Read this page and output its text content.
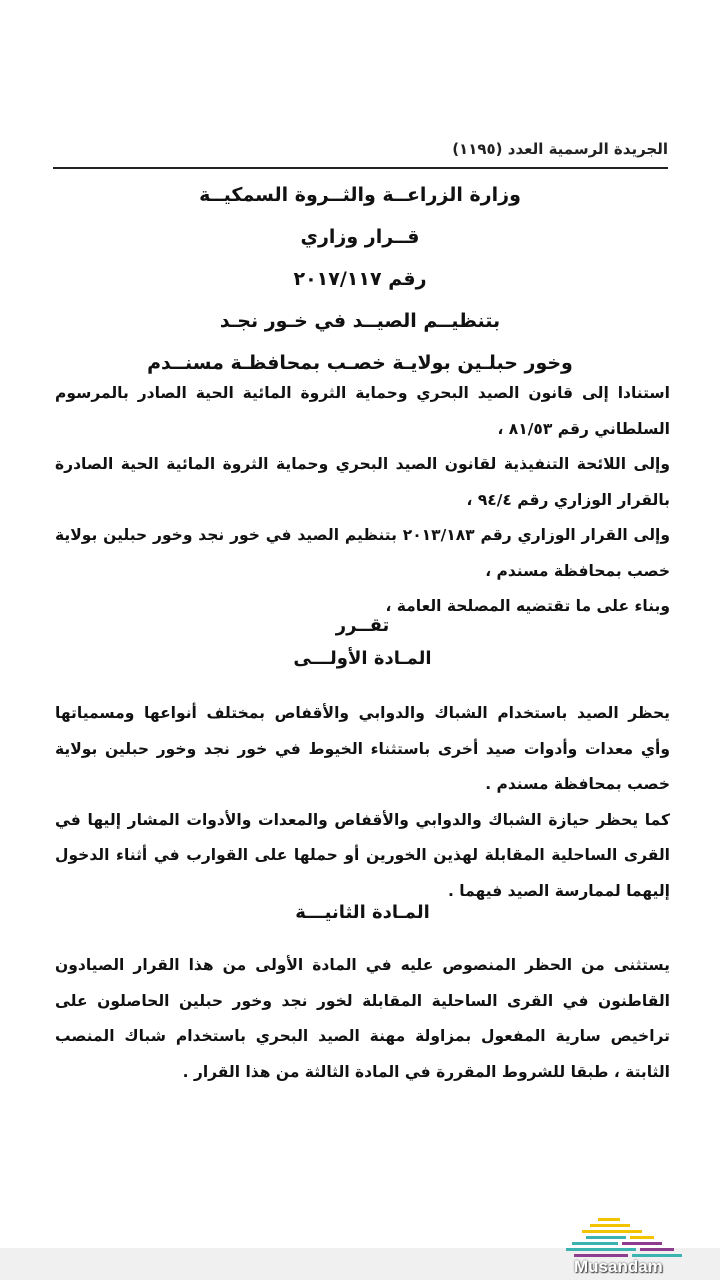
الجريدة الرسمية العدد (١١٩٥)
وزارة الزراعــة والثــروة السمكيــة
قــرار وزاري
رقم ٢٠١٧/١١٧
بتنظيــم الصيــد في خـور نجـد
وخور حبلـين بولايـة خصـب بمحافظـة مسنــدم

استنادا إلى قانون الصيد البحري وحماية الثروة المائية الحية الصادر بالمرسوم السلطاني رقم ٨١/٥٣ ،

وإلى اللائحة التنفيذية لقانون الصيد البحري وحماية الثروة المائية الحية الصادرة بالقرار الوزاري رقم ٩٤/٤ ،

وإلى القرار الوزاري رقم ٢٠١٣/١٨٣ بتنظيم الصيد في خور نجد وخور حبلين بولاية خصب بمحافظة مسندم ،

وبناء على ما تقتضيه المصلحة العامة ،

تقــرر
المـادة الأولـــى

يحظر الصيد باستخدام الشباك والدوابي والأقفاص بمختلف أنواعها ومسمياتها وأي معدات وأدوات صيد أخرى باستثناء الخيوط في خور نجد وخور حبلين بولاية خصب بمحافظة مسندم .

كما يحظر حيازة الشباك والدوابي والأقفاص والمعدات والأدوات المشار إليها في القرى الساحلية المقابلة لهذين الخورين أو حملها على القوارب في أثناء الدخول إليهما لممارسة الصيد فيهما .

المـادة الثانيـــة

يستثنى من الحظر المنصوص عليه في المادة الأولى من هذا القرار الصيادون القاطنون في القرى الساحلية المقابلة لخور نجد وخور حبلين الحاصلون على تراخيص سارية المفعول بمزاولة مهنة الصيد البحري باستخدام شباك المنصب الثابتة ، طبقا للشروط المقررة في المادة الثالثة من هذا القرار .

Musandam
